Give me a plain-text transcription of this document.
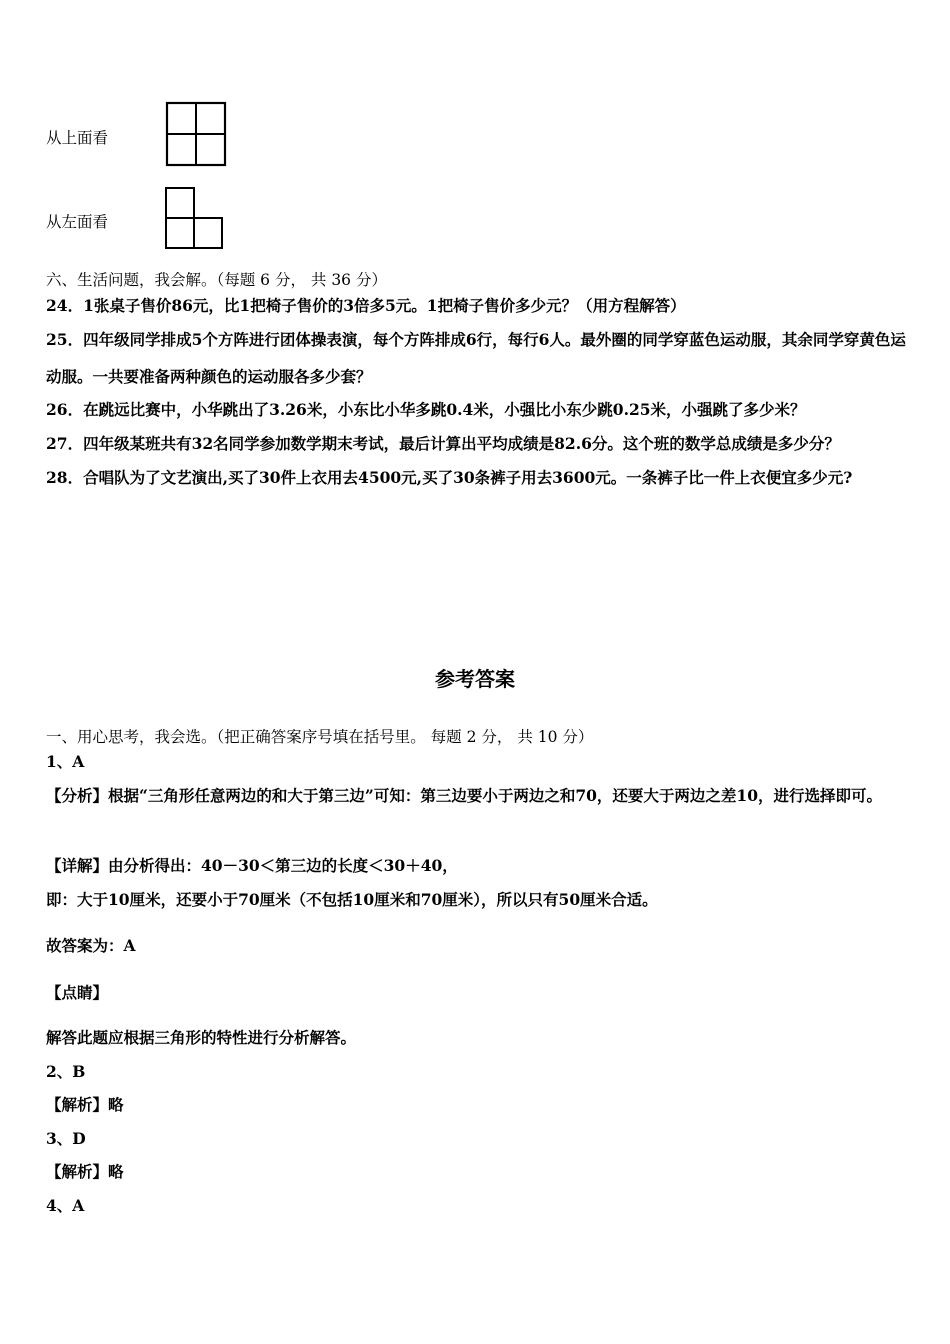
从上面看
从左面看
六、生活问题，我会解。（每题 6 分， 共 36 分）
24．1张桌子售价86元，比1把椅子售价的3倍多5元。1把椅子售价多少元？（用方程解答）
25．四年级同学排成5个方阵进行团体操表演，每个方阵排成6行，每行6人。最外圈的同学穿蓝色运动服，其余同学穿黄色运动服。一共要准备两种颜色的运动服各多少套？
26．在跳远比赛中，小华跳出了3.26米，小东比小华多跳0.4米，小强比小东少跳0.25米，小强跳了多少米？
27．四年级某班共有32名同学参加数学期末考试，最后计算出平均成绩是82.6分。这个班的数学总成绩是多少分？
28．合唱队为了文艺演出,买了30件上衣用去4500元,买了30条裤子用去3600元。一条裤子比一件上衣便宜多少元?
参考答案
一、用心思考，我会选。（把正确答案序号填在括号里。 每题 2 分， 共 10 分）
1、A
【分析】根据“三角形任意两边的和大于第三边”可知：第三边要小于两边之和70，还要大于两边之差10，进行选择即可。
【详解】由分析得出：40－30＜第三边的长度＜30＋40，
即：大于10厘米，还要小于70厘米（不包括10厘米和70厘米），所以只有50厘米合适。
故答案为：A
【点睛】
解答此题应根据三角形的特性进行分析解答。
2、B
【解析】略
3、D
【解析】略
4、A
